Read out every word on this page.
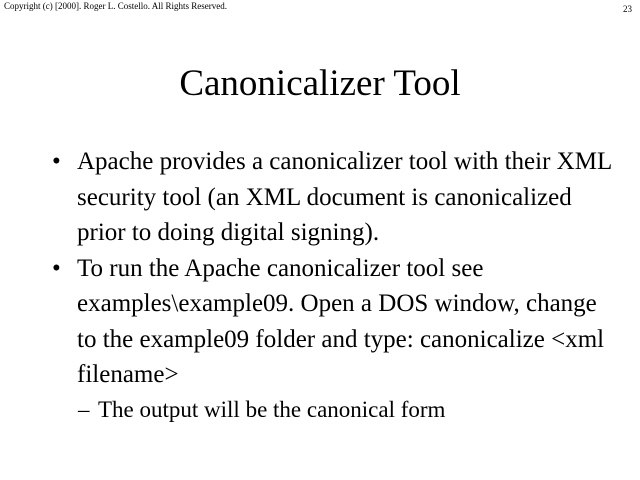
Copyright (c) [2000]. Roger L. Costello. All Rights Reserved.	23
Canonicalizer Tool
• Apache provides a canonicalizer tool with their XML security tool (an XML document is canonicalized prior to doing digital signing).
• To run the Apache canonicalizer tool see examples\example09. Open a DOS window, change to the example09 folder and type: canonicalize <xml filename>
– The output will be the canonical form
